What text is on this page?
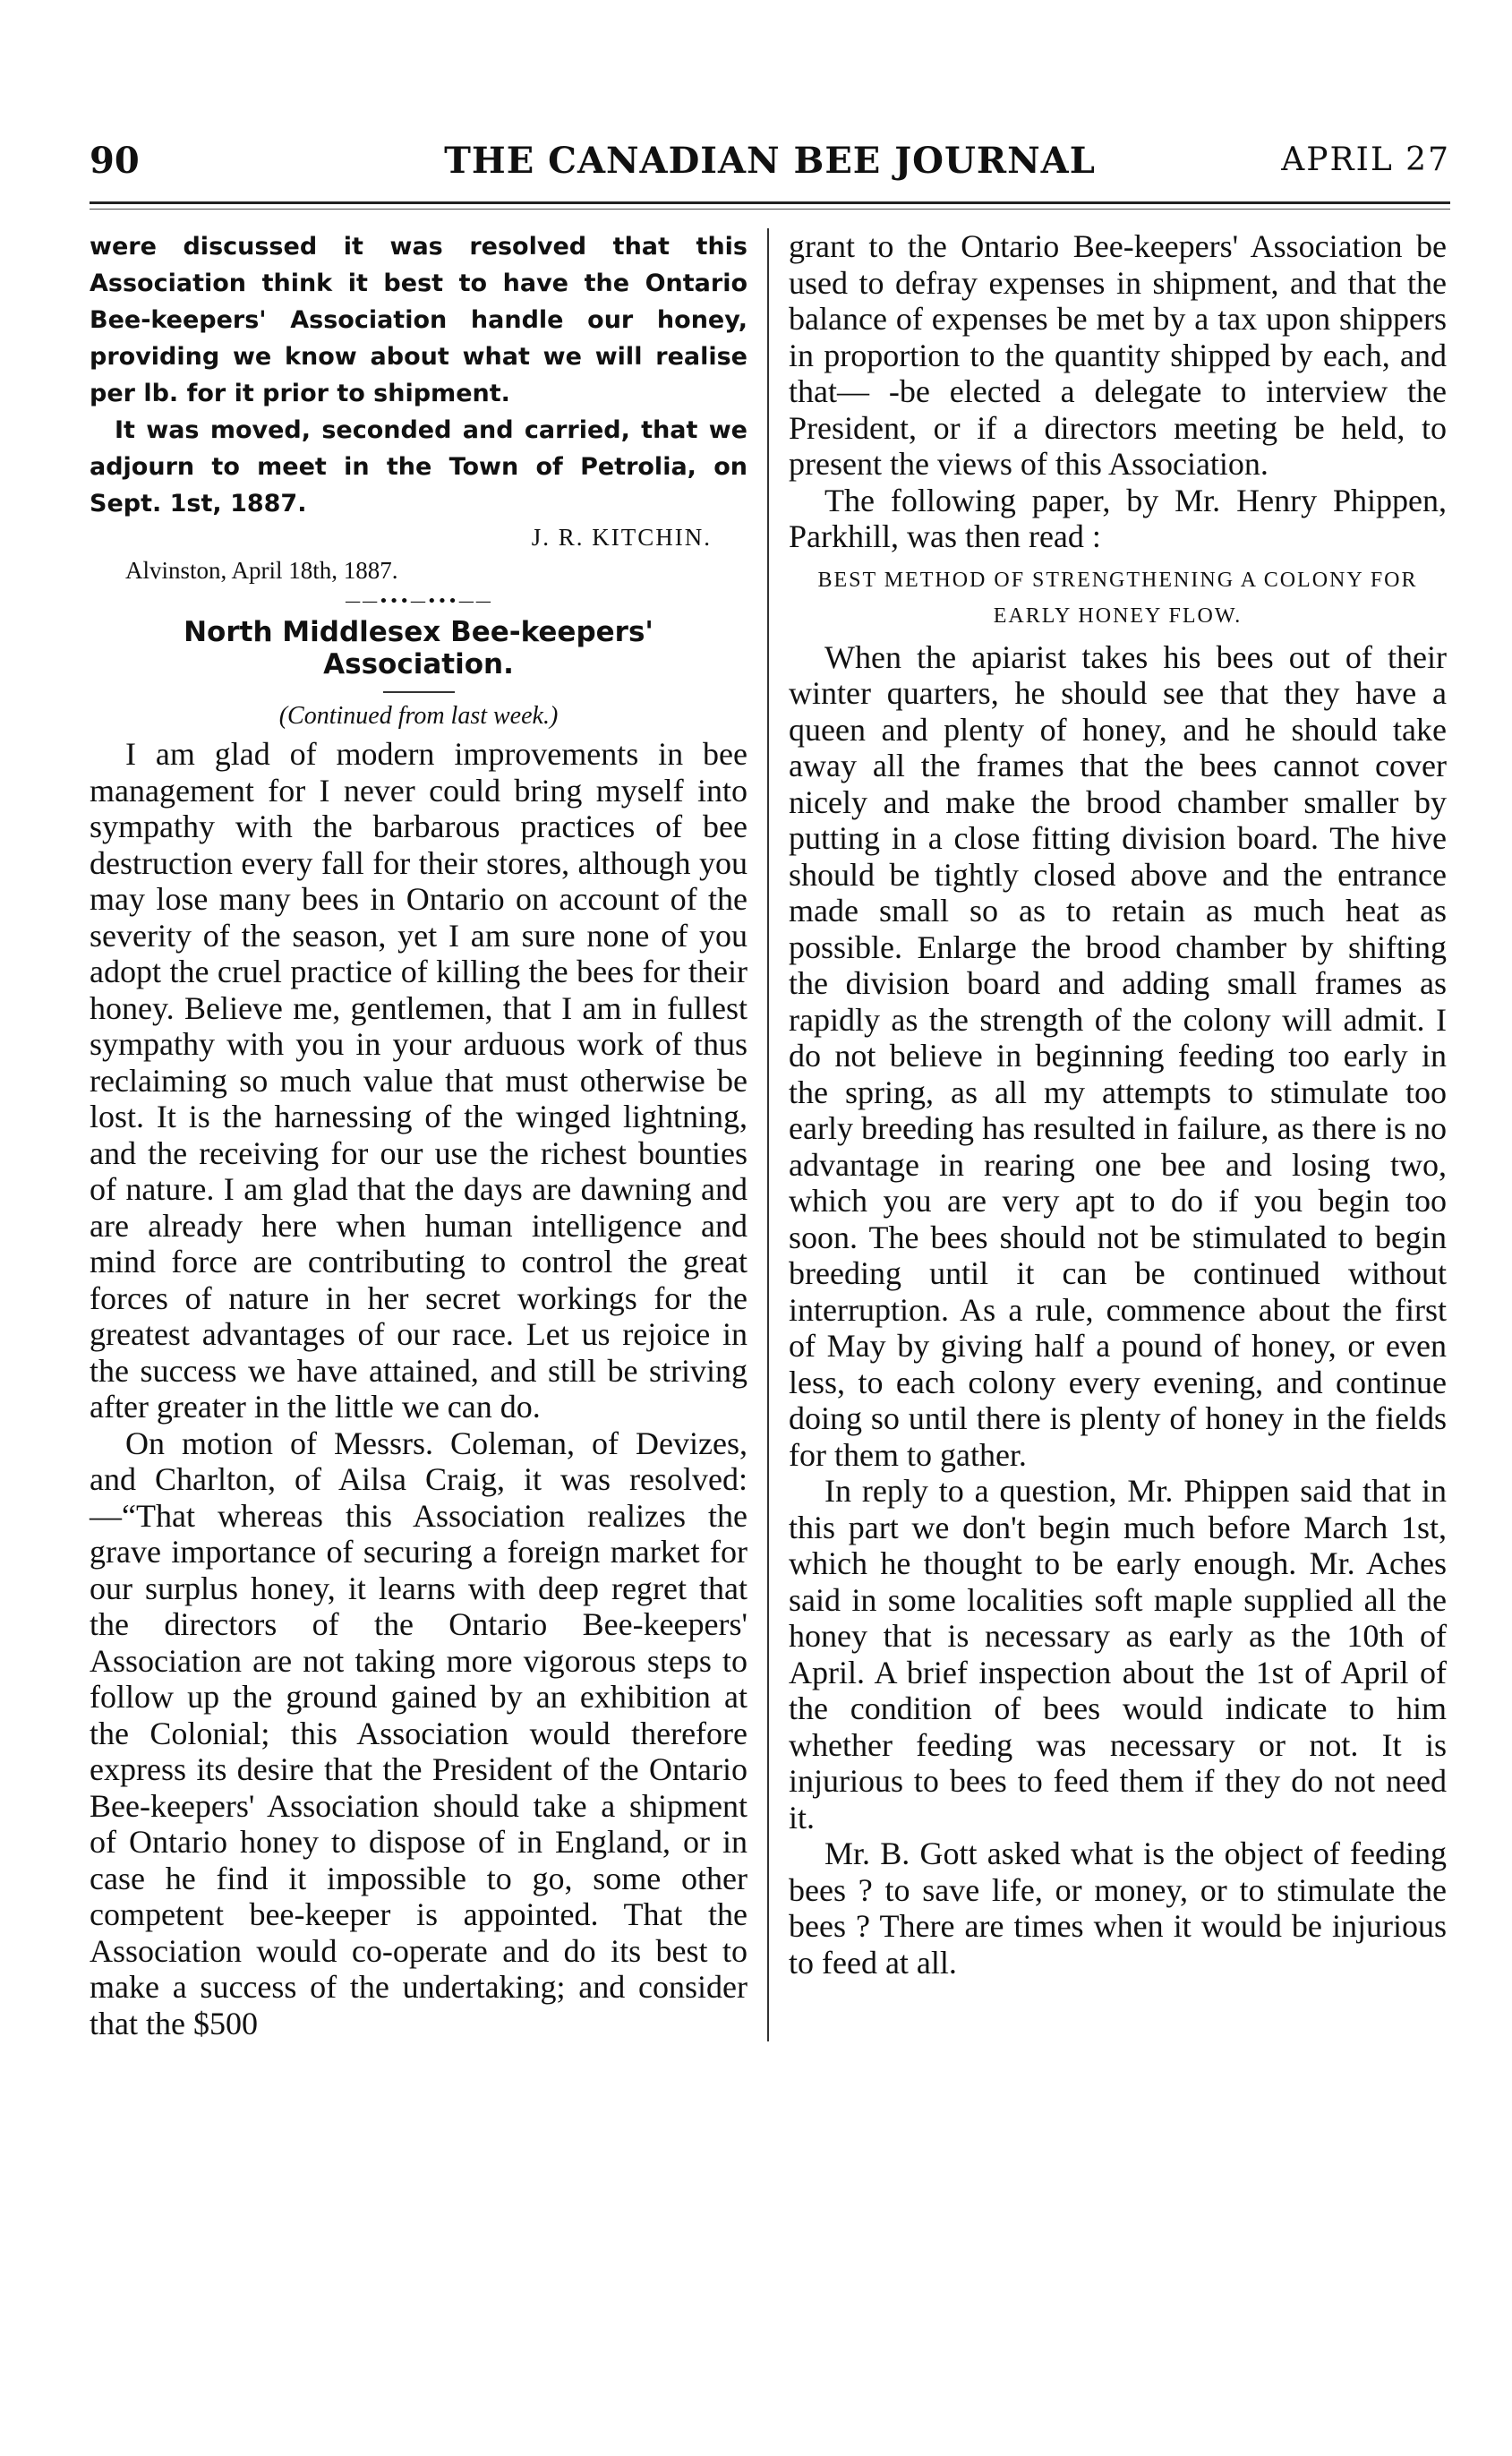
90	THE CANADIAN BEE JOURNAL	APRIL 27

were discussed it was resolved that this Association think it best to have the Ontario Bee-keepers' Association handle our honey, providing we know about what we will realise per lb. for it prior to shipment.

It was moved, seconded and carried, that we adjourn to meet in the Town of Petrolia, on Sept. 1st, 1887.

J. R. KITCHIN.

Alvinston, April 18th, 1887.

——•••—•••——

North Middlesex Bee-keepers' Association.

(Continued from last week.)

I am glad of modern improvements in bee management for I never could bring myself into sympathy with the barbarous practices of bee destruction every fall for their stores, although you may lose many bees in Ontario on account of the severity of the season, yet I am sure none of you adopt the cruel practice of killing the bees for their honey. Believe me, gentlemen, that I am in fullest sympathy with you in your arduous work of thus reclaiming so much value that must otherwise be lost. It is the harnessing of the winged lightning, and the receiving for our use the richest bounties of nature. I am glad that the days are dawning and are already here when human intelligence and mind force are contributing to control the great forces of nature in her secret workings for the greatest advantages of our race. Let us rejoice in the success we have attained, and still be striving after greater in the little we can do.

On motion of Messrs. Coleman, of Devizes, and Charlton, of Ailsa Craig, it was resolved:—“That whereas this Association realizes the grave importance of securing a foreign market for our surplus honey, it learns with deep regret that the directors of the Ontario Bee-keepers' Association are not taking more vigorous steps to follow up the ground gained by an exhibition at the Colonial; this Association would therefore express its desire that the President of the Ontario Bee-keepers' Association should take a shipment of Ontario honey to dispose of in England, or in case he find it impossible to go, some other competent bee-keeper is appointed. That the Association would co-operate and do its best to make a success of the undertaking; and consider that the $500

grant to the Ontario Bee-keepers' Association be used to defray expenses in shipment, and that the balance of expenses be met by a tax upon shippers in proportion to the quantity shipped by each, and that— -be elected a delegate to interview the President, or if a directors meeting be held, to present the views of this Association.

The following paper, by Mr. Henry Phippen, Parkhill, was then read :

BEST METHOD OF STRENGTHENING A COLONY FOR EARLY HONEY FLOW.

When the apiarist takes his bees out of their winter quarters, he should see that they have a queen and plenty of honey, and he should take away all the frames that the bees cannot cover nicely and make the brood chamber smaller by putting in a close fitting division board. The hive should be tightly closed above and the entrance made small so as to retain as much heat as possible. Enlarge the brood chamber by shifting the division board and adding small frames as rapidly as the strength of the colony will admit. I do not believe in beginning feeding too early in the spring, as all my attempts to stimulate too early breeding has resulted in failure, as there is no advantage in rearing one bee and losing two, which you are very apt to do if you begin too soon. The bees should not be stimulated to begin breeding until it can be continued without interruption. As a rule, commence about the first of May by giving half a pound of honey, or even less, to each colony every evening, and continue doing so until there is plenty of honey in the fields for them to gather.

In reply to a question, Mr. Phippen said that in this part we don't begin much before March 1st, which he thought to be early enough. Mr. Aches said in some localities soft maple supplied all the honey that is necessary as early as the 10th of April. A brief inspection about the 1st of April of the condition of bees would indicate to him whether feeding was necessary or not. It is injurious to bees to feed them if they do not need it.

Mr. B. Gott asked what is the object of feeding bees ? to save life, or money, or to stimulate the bees ? There are times when it would be injurious to feed at all.
